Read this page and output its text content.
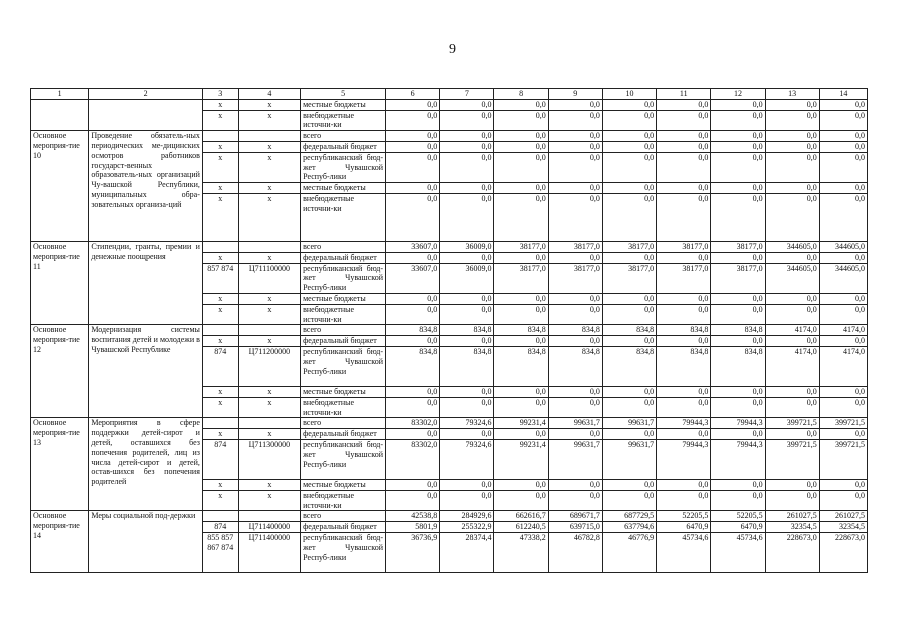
9
1	2	3	4	5	6	7	8	9	10	11	12	13	14
		x	x	местные бюджеты	0,0	0,0	0,0	0,0	0,0	0,0	0,0	0,0	0,0
		x	x	внебюджетные источни-ки	0,0	0,0	0,0	0,0	0,0	0,0	0,0	0,0	0,0
Основное мероприя-тие 10	Проведение обязатель-ных периодических ме-дицинских осмотров работников государст-венных образователь-ных организаций Чу-вашской Республики, муниципальных обра-зовательных организа-ций			всего	0,0	0,0	0,0	0,0	0,0	0,0	0,0	0,0	0,0
		x	x	федеральный бюджет	0,0	0,0	0,0	0,0	0,0	0,0	0,0	0,0	0,0
		x	x	республиканский бюд-жет Чувашской Респуб-лики	0,0	0,0	0,0	0,0	0,0	0,0	0,0	0,0	0,0
		x	x	местные бюджеты	0,0	0,0	0,0	0,0	0,0	0,0	0,0	0,0	0,0
		x	x	внебюджетные источни-ки	0,0	0,0	0,0	0,0	0,0	0,0	0,0	0,0	0,0
Основное мероприя-тие 11	Стипендии, гранты, премии и денежные поощрения			всего	33607,0	36009,0	38177,0	38177,0	38177,0	38177,0	38177,0	344605,0	344605,0
		x	x	федеральный бюджет	0,0	0,0	0,0	0,0	0,0	0,0	0,0	0,0	0,0
		857 874	Ц711100000	республиканский бюд-жет Чувашской Респуб-лики	33607,0	36009,0	38177,0	38177,0	38177,0	38177,0	38177,0	344605,0	344605,0
		x	x	местные бюджеты	0,0	0,0	0,0	0,0	0,0	0,0	0,0	0,0	0,0
		x	x	внебюджетные источни-ки	0,0	0,0	0,0	0,0	0,0	0,0	0,0	0,0	0,0
Основное мероприя-тие 12	Модернизация системы воспитания детей и молодежи в Чувашской Республике			всего	834,8	834,8	834,8	834,8	834,8	834,8	834,8	4174,0	4174,0
		x	x	федеральный бюджет	0,0	0,0	0,0	0,0	0,0	0,0	0,0	0,0	0,0
		874	Ц711200000	республиканский бюд-жет Чувашской Респуб-лики	834,8	834,8	834,8	834,8	834,8	834,8	834,8	4174,0	4174,0
		x	x	местные бюджеты	0,0	0,0	0,0	0,0	0,0	0,0	0,0	0,0	0,0
		x	x	внебюджетные источни-ки	0,0	0,0	0,0	0,0	0,0	0,0	0,0	0,0	0,0
Основное мероприя-тие 13	Мероприятия в сфере поддержки детей-сирот и детей, оставшихся без попечения родителей, лиц из числа детей-сирот и детей, остав-шихся без попечения родителей			всего	83302,0	79324,6	99231,4	99631,7	99631,7	79944,3	79944,3	399721,5	399721,5
		x	x	федеральный бюджет	0,0	0,0	0,0	0,0	0,0	0,0	0,0	0,0	0,0
		874	Ц711300000	республиканский бюд-жет Чувашской Респуб-лики	83302,0	79324,6	99231,4	99631,7	99631,7	79944,3	79944,3	399721,5	399721,5
		x	x	местные бюджеты	0,0	0,0	0,0	0,0	0,0	0,0	0,0	0,0	0,0
		x	x	внебюджетные источни-ки	0,0	0,0	0,0	0,0	0,0	0,0	0,0	0,0	0,0
Основное мероприя-тие 14	Меры социальной под-держки			всего	42538,8	284929,6	662616,7	689671,7	687729,5	52205,5	52205,5	261027,5	261027,5
		874	Ц711400000	федеральный бюджет	5801,9	255322,9	612240,5	639715,0	637794,6	6470,9	6470,9	32354,5	32354,5
		855 857 867 874	Ц711400000	республиканский бюд-жет Чувашской Респуб-лики	36736,9	28374,4	47338,2	46782,8	46776,9	45734,6	45734,6	228673,0	228673,0
